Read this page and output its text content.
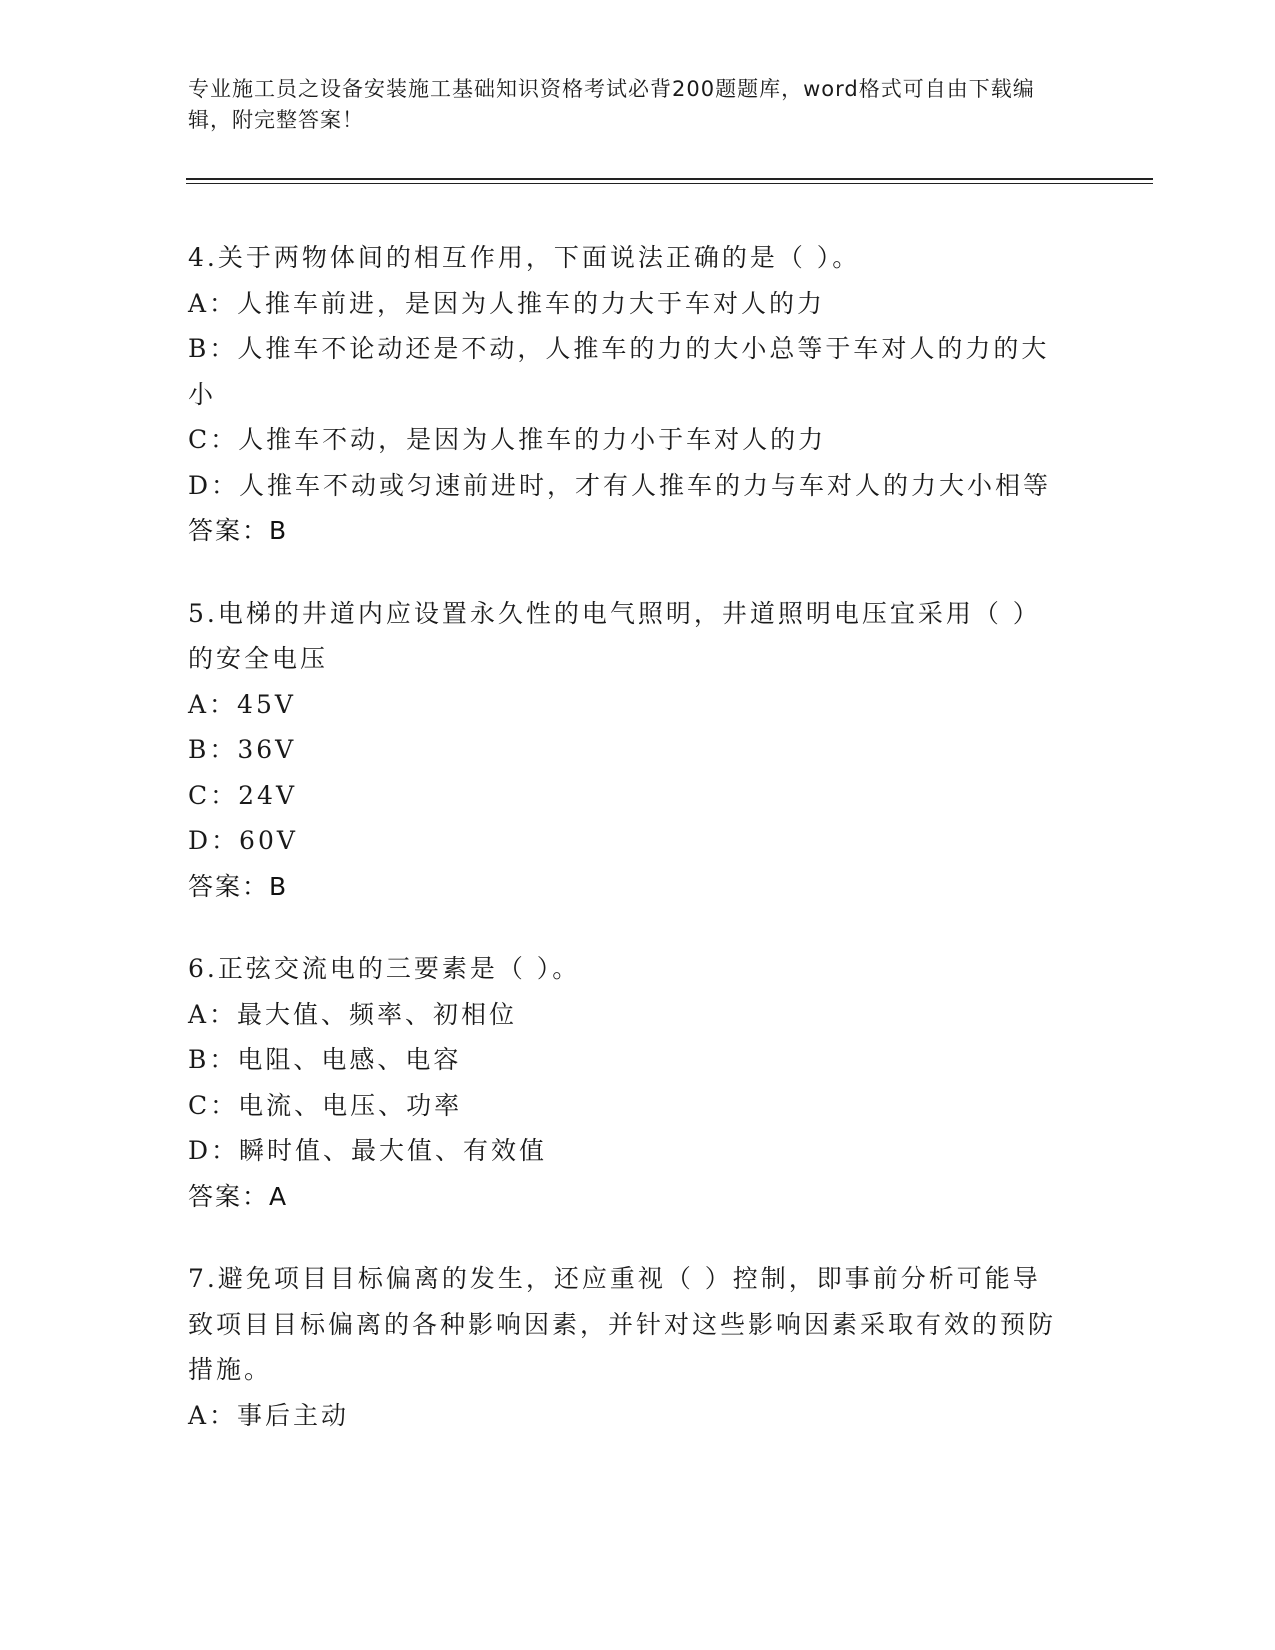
专业施工员之设备安装施工基础知识资格考试必背200题题库，word格式可自由下载编辑，附完整答案！
4.关于两物体间的相互作用，下面说法正确的是（ ）。
A：人推车前进，是因为人推车的力大于车对人的力
B：人推车不论动还是不动，人推车的力的大小总等于车对人的力的大小
C：人推车不动，是因为人推车的力小于车对人的力
D：人推车不动或匀速前进时，才有人推车的力与车对人的力大小相等
答案：B
5.电梯的井道内应设置永久性的电气照明，井道照明电压宜采用（ ）的安全电压
A：45V
B：36V
C：24V
D：60V
答案：B
6.正弦交流电的三要素是（ ）。
A：最大值、频率、初相位
B：电阻、电感、电容
C：电流、电压、功率
D：瞬时值、最大值、有效值
答案：A
7.避免项目目标偏离的发生，还应重视（ ）控制，即事前分析可能导致项目目标偏离的各种影响因素，并针对这些影响因素采取有效的预防措施。
A：事后主动
